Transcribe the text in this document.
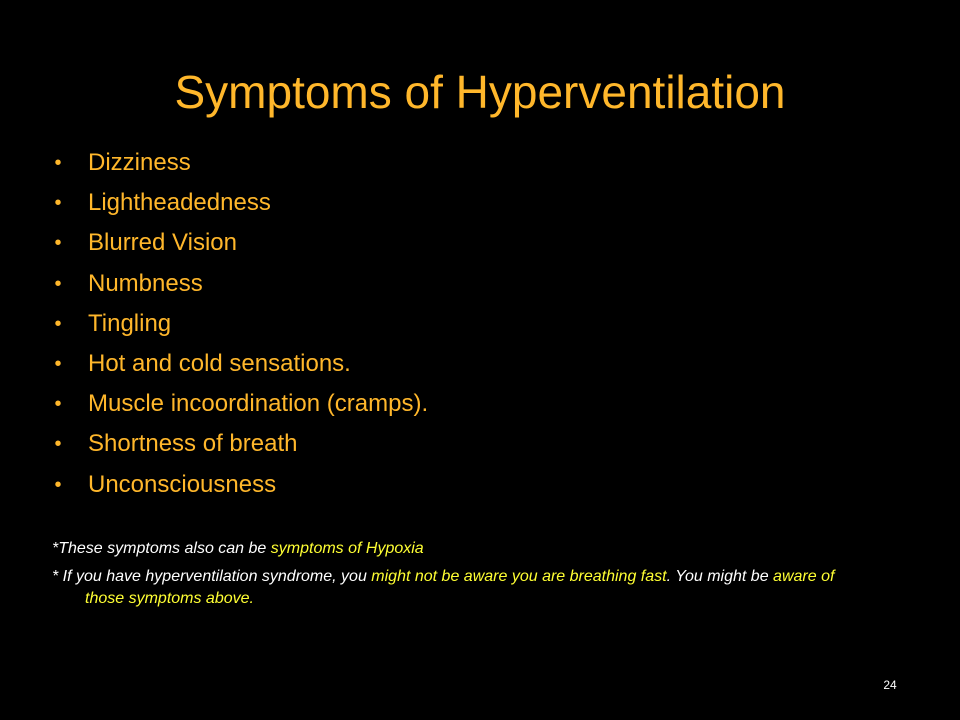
Symptoms of Hyperventilation
• Dizziness
• Lightheadedness
• Blurred Vision
• Numbness
• Tingling
• Hot and cold sensations.
• Muscle incoordination (cramps).
• Shortness of breath
• Unconsciousness

*These symptoms also can be symptoms of Hypoxia

* If you have hyperventilation syndrome, you might not be aware you are breathing fast. You might be aware of those symptoms above.

24
